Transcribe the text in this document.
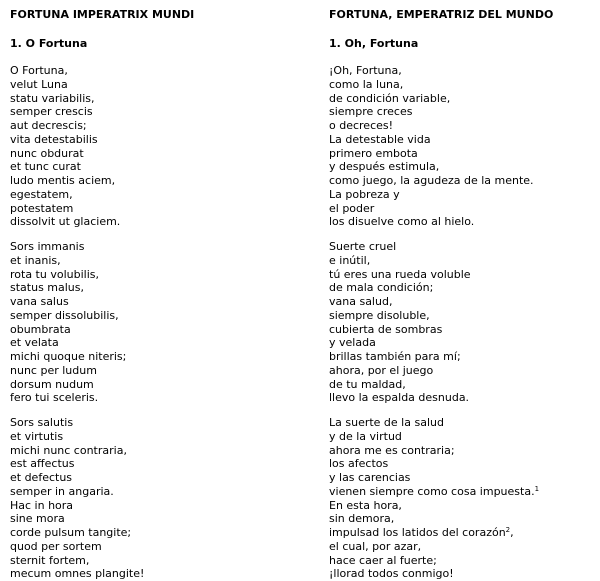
FORTUNA IMPERATRIX MUNDI
1. O Fortuna
O Fortuna,
velut Luna
statu variabilis,
semper crescis
aut decrescis;
vita detestabilis
nunc obdurat
et tunc curat
ludo mentis aciem,
egestatem,
potestatem
dissolvit ut glaciem.
Sors immanis
et inanis,
rota tu volubilis,
status malus,
vana salus
semper dissolubilis,
obumbrata
et velata
michi quoque niteris;
nunc per ludum
dorsum nudum
fero tui sceleris.
Sors salutis
et virtutis
michi nunc contraria,
est affectus
et defectus
semper in angaria.
Hac in hora
sine mora
corde pulsum tangite;
quod per sortem
sternit fortem,
mecum omnes plangite!
FORTUNA, EMPERATRIZ DEL MUNDO
1. Oh, Fortuna
¡Oh, Fortuna,
como la luna,
de condición variable,
siempre creces
o decreces!
La detestable vida
primero embota
y después estimula,
como juego, la agudeza de la mente.
La pobreza y
el poder
los disuelve como al hielo.
Suerte cruel
e inútil,
tú eres una rueda voluble
de mala condición;
vana salud,
siempre disoluble,
cubierta de sombras
y velada
brillas también para mí;
ahora, por el juego
de tu maldad,
llevo la espalda desnuda.
La suerte de la salud
y de la virtud
ahora me es contraria;
los afectos
y las carencias
vienen siempre como cosa impuesta.$^1$
En esta hora,
sin demora,
impulsad los latidos del corazón$^2$,
el cual, por azar,
hace caer al fuerte;
¡llorad todos conmigo!
